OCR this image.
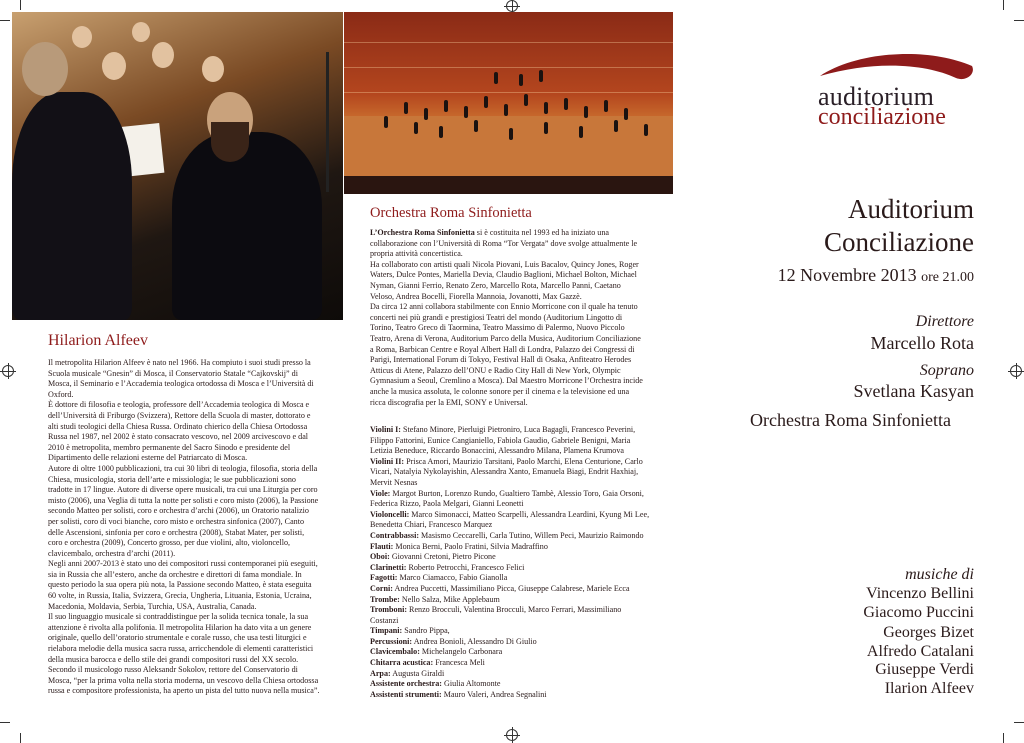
Hilarion Alfeev

Il metropolita Hilarion Alfeev è nato nel 1966. Ha compiuto i suoi studi presso la Scuola musicale “Gnesin” di Mosca, il Conservatorio Statale “Cajkovskij” di Mosca, il Seminario e l’Accademia teologica ortodossa di Mosca e l’Università di Oxford.

È dottore di filosofia e teologia, professore dell’Accademia teologica di Mosca e dell’Università di Friburgo (Svizzera), Rettore della Scuola di master, dottorato e alti studi teologici della Chiesa Russa. Ordinato chierico della Chiesa Ortodossa Russa nel 1987, nel 2002 è stato consacrato vescovo, nel 2009 arcivescovo e dal 2010 è metropolita, membro permanente del Sacro Sinodo e presidente del Dipartimento delle relazioni esterne del Patriarcato di Mosca.

Autore di oltre 1000 pubblicazioni, tra cui 30 libri di teologia, filosofia, storia della Chiesa, musicologia, storia dell’arte e missiologia; le sue pubblicazioni sono tradotte in 17 lingue. Autore di diverse opere musicali, tra cui una Liturgia per coro misto (2006), una Veglia di tutta la notte per solisti e coro misto (2006), la Passione secondo Matteo per solisti, coro e orchestra d’archi (2006), un Oratorio natalizio per solisti, coro di voci bianche, coro misto e orchestra sinfonica (2007), Canto delle Ascensioni, sinfonia per coro e orchestra (2008), Stabat Mater, per solisti, coro e orchestra (2009), Concerto grosso, per due violini, alto, violoncello, clavicembalo, orchestra d’archi (2011).

Negli anni 2007-2013 è stato uno dei compositori russi contemporanei più eseguiti, sia in Russia che all’estero, anche da orchestre e direttori di fama mondiale. In questo periodo la sua opera più nota, la Passione secondo Matteo, è stata eseguita 60 volte, in Russia, Italia, Svizzera, Grecia, Ungheria, Lituania, Estonia, Ucraina, Macedonia, Moldavia, Serbia, Turchia, USA, Australia, Canada.

Il suo linguaggio musicale si contraddistingue per la solida tecnica tonale, la sua attenzione è rivolta alla polifonia. Il metropolita Hilarion ha dato vita a un genere originale, quello dell’oratorio strumentale e corale russo, che usa testi liturgici e rielabora melodie della musica sacra russa, arricchendole di elementi caratteristici della musica barocca e dello stile dei grandi compositori russi del XX secolo. Secondo il musicologo russo Aleksandr Sokolov, rettore del Conservatorio di Mosca, “per la prima volta nella storia moderna, un vescovo della Chiesa ortodossa russa e compositore professionista, ha aperto un pista del tutto nuova nella musica”.

Orchestra Roma Sinfonietta

L’Orchestra Roma Sinfonietta si è costituita nel 1993 ed ha iniziato una collaborazione con l’Università di Roma “Tor Vergata” dove svolge attualmente le propria attività concertistica.

Ha collaborato con artisti quali Nicola Piovani, Luis Bacalov, Quincy Jones, Roger Waters, Dulce Pontes, Mariella Devia, Claudio Baglioni, Michael Bolton, Michael Nyman, Gianni Ferrio, Renato Zero, Marcello Rota, Marcello Panni, Caetano Veloso, Andrea Bocelli, Fiorella Mannoia, Jovanotti, Max Gazzè.

Da circa 12 anni collabora stabilmente con Ennio Morricone con il quale ha tenuto concerti nei più grandi e prestigiosi Teatri del mondo (Auditorium Lingotto di Torino, Teatro Greco di Taormina, Teatro Massimo di Palermo, Nuovo Piccolo Teatro, Arena di Verona, Auditorium Parco della Musica, Auditorium Conciliazione a Roma, Barbican Centre e Royal Albert Hall di Londra, Palazzo dei Congressi di Parigi, International Forum di Tokyo, Festival Hall di Osaka, Anfiteatro Herodes Atticus di Atene, Palazzo dell’ONU e Radio City Hall di New York, Olympic Gymnasium a Seoul, Cremlino a Mosca). Dal Maestro Morricone l’Orchestra incide anche la musica assoluta, le colonne sonore per il cinema e la televisione ed una ricca discografia per la EMI, SONY e Universal.

Violini I: Stefano Minore, Pierluigi Pietroniro, Luca Bagagli, Francesco Peverini, Filippo Fattorini, Eunice Cangianiello, Fabiola Gaudio, Gabriele Benigni, Maria Letizia Beneduce, Riccardo Bonaccini, Alessandro Milana, Plamena Krumova
Violini II: Prisca Amori, Maurizio Tarsitani, Paolo Marchi, Elena Centurione, Carlo Vicari, Natalyia Nykolayishin, Alessandra Xanto, Emanuela Biagi, Endrit Haxhiaj, Mervit Nesnas
Viole: Margot Burton, Lorenzo Rundo, Gualtiero Tambè, Alessio Toro, Gaia Orsoni, Federica Rizzo, Paola Melgari, Gianni Leonetti
Violoncelli: Marco Simonacci, Matteo Scarpelli, Alessandra Leardini, Kyung Mi Lee, Benedetta Chiari, Francesco Marquez
Contrabbassi: Masismo Ceccarelli, Carla Tutino, Willem Peci, Maurizio Raimondo
Flauti: Monica Berni, Paolo Fratini, Silvia Madraffino
Oboi: Giovanni Cretoni, Pietro Picone
Clarinetti: Roberto Petrocchi, Francesco Felici
Fagotti: Marco Ciamacco, Fabio Gianolla
Corni: Andrea Puccetti, Massimiliano Picca, Giuseppe Calabrese, Mariele Ecca
Trombe: Nello Salza, Mike Applebaum
Tromboni: Renzo Brocculi, Valentina Brocculi, Marco Ferrari, Massimiliano Costanzi
Timpani: Sandro Pippa,
Percussioni: Andrea Bonioli, Alessandro Di Giulio
Clavicembalo: Michelangelo Carbonara
Chitarra acustica: Francesca Meli
Arpa: Augusta Giraldi
Assistente orchestra: Giulia Altomonte
Assistenti strumenti: Mauro Valeri, Andrea Segnalini
auditorium
conciliazione
Auditorium
Conciliazione
12 Novembre 2013 ore 21.00
Direttore
Marcello Rota
Soprano
Svetlana Kasyan
Orchestra Roma Sinfonietta
musiche di
Vincenzo Bellini
Giacomo Puccini
Georges Bizet
Alfredo Catalani
Giuseppe Verdi
Ilarion Alfeev
